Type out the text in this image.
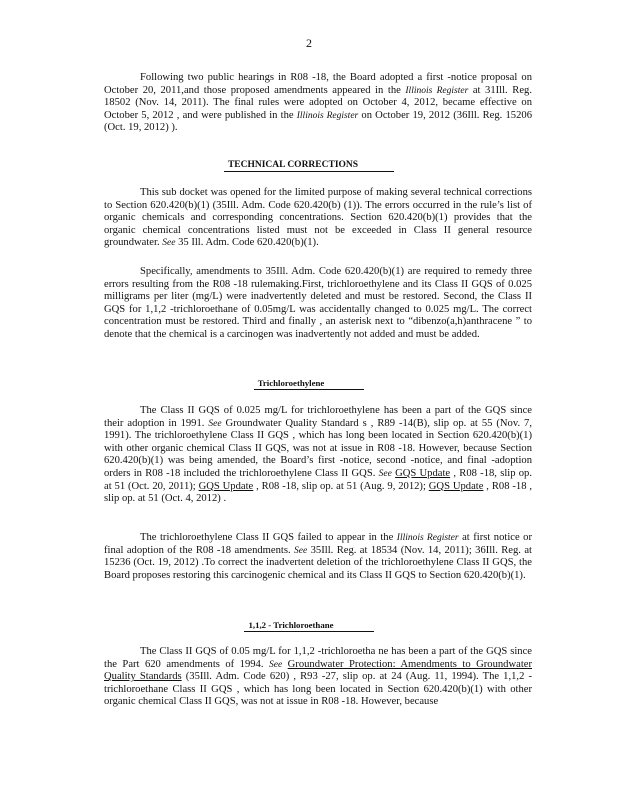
2

Following two public hearings in R08 -18, the Board adopted a first -notice proposal on October 20, 2011,and those proposed amendments appeared in the Illinois Register at 31Ill. Reg. 18502 (Nov. 14, 2011). The final rules were adopted on October 4, 2012, became effective on October 5, 2012 , and were published in the Illinois Register on October 19, 2012 (36Ill. Reg. 15206 (Oct. 19, 2012) ).

TECHNICAL CORRECTIONS

This sub docket was opened for the limited purpose of making several technical corrections to Section 620.420(b)(1) (35Ill. Adm. Code 620.420(b) (1)). The errors occurred in the rule’s list of organic chemicals and corresponding concentrations. Section 620.420(b)(1) provides that the organic chemical concentrations listed must not be exceeded in Class II general resource groundwater. See 35 Ill. Adm. Code 620.420(b)(1).

Specifically, amendments to 35Ill. Adm. Code 620.420(b)(1) are required to remedy three errors resulting from the R08 -18 rulemaking.First, trichloroethylene and its Class II GQS of 0.025 milligrams per liter (mg/L) were inadvertently deleted and must be restored. Second, the Class II GQS for 1,1,2 -trichloroethane of 0.05mg/L was accidentally changed to 0.025 mg/L. The correct concentration must be restored. Third and finally , an asterisk next to “dibenzo(a,h)anthracene ” to denote that the chemical is a carcinogen was inadvertently not added and must be added.

Trichloroethylene

The Class II GQS of 0.025 mg/L for trichloroethylene has been a part of the GQS since their adoption in 1991. See Groundwater Quality Standard s , R89 -14(B), slip op. at 55 (Nov. 7, 1991). The trichloroethylene Class II GQS , which has long been located in Section 620.420(b)(1) with other organic chemical Class II GQS, was not at issue in R08 -18. However, because Section 620.420(b)(1) was being amended, the Board’s first -notice, second -notice, and final -adoption orders in R08 -18 included the trichloroethylene Class II GQS. See GQS Update , R08 -18, slip op. at 51 (Oct. 20, 2011); GQS Update , R08 -18, slip op. at 51 (Aug. 9, 2012); GQS Update , R08 -18 , slip op. at 51 (Oct. 4, 2012) .

The trichloroethylene Class II GQS failed to appear in the Illinois Register at first notice or final adoption of the R08 -18 amendments. See 35Ill. Reg. at 18534 (Nov. 14, 2011); 36Ill. Reg. at 15236 (Oct. 19, 2012) .To correct the inadvertent deletion of the trichloroethylene Class II GQS, the Board proposes restoring this carcinogenic chemical and its Class II GQS to Section 620.420(b)(1).

1,1,2 - Trichloroethane

The Class II GQS of 0.05 mg/L for 1,1,2 -trichloroetha ne has been a part of the GQS since the Part 620 amendments of 1994. See Groundwater Protection: Amendments to Groundwater Quality Standards (35Ill. Adm. Code 620) , R93 -27, slip op. at 24 (Aug. 11, 1994). The 1,1,2 -trichloroethane Class II GQS , which has long been located in Section 620.420(b)(1) with other organic chemical Class II GQS, was not at issue in R08 -18. However, because
